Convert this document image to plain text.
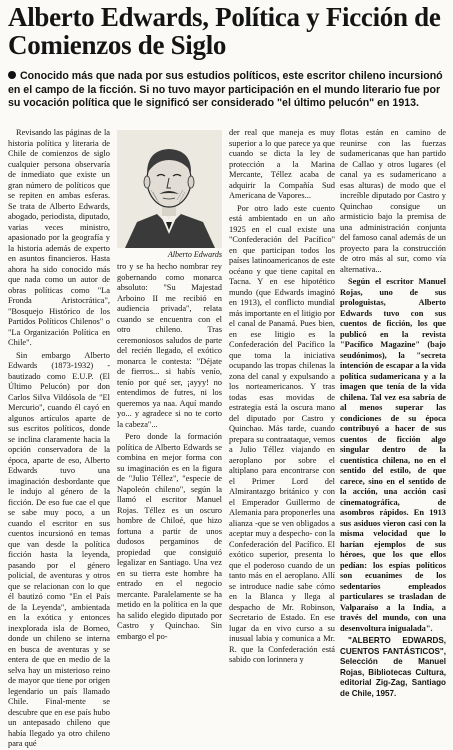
Alberto Edwards, Política y Ficción de Comienzos de Siglo

Conocido más que nada por sus estudios políticos, este escritor chileno incursionó en el campo de la ficción. Si no tuvo mayor participación en el mundo literario fue por su vocación política que le significó ser considerado "el último pelucón" en 1913.

Revisando las páginas de la historia política y literaria de Chile de comienzos de siglo cualquier persona observaría de inmediato que existe un gran número de políticos que se repiten en ambas esferas. Se trata de Alberto Edwards, abogado, periodista, diputado, varias veces ministro, apasionado por la geografía y la historia además de experto en asuntos financieros. Hasta ahora ha sido conocido más que nada como un autor de obras políticas como "La Fronda Aristocrática", "Bosquejo Histórico de los Partidos Políticos Chilenos" o "La Organización Política en Chile".

Sin embargo Alberto Edwards (1873-1932) -bautizado como E.U.P. (El Último Pelucón) por don Carlos Silva Vildósola de "El Mercurio", cuando él cayó en algunos artículos aparte de sus escritos políticos, donde se inclina claramente hacia la opción conservadora de la época, aparte de eso, Alberto Edwards tuvo una imaginación desbordante que le indujo al género de la ficción. De eso fue cae el que se sabe muy poco, a un cuando el escritor en sus cuentos incursionó en temas que van desde la política ficción hasta la leyenda, pasando por el género policial, de aventuras y otros que se relacionan con lo que él bautizó como "En el País de la Leyenda", ambientada en la exótica y entonces inexplorada isla de Borneo, donde un chileno se interna en busca de aventuras y se entera de que en medio de la selva hay un misterioso reino de mayor que tiene por origen legendario un país llamado Chile. Final-mente se descubre que en ese país hubo un antepasado chileno que había llegado ya otro chileno para qué

Alberto Edwards

tro y se ha hecho nombrar rey gobernando como monarca absoluto: "Su Majestad Arboino II me recibió en audiencia privada", relata cuando se encuentra con el otro chileno. Tras ceremoniosos saludos de parte del recién llegado, el exótico monarca le contesta: "Déjate de fierros... si habís venío, tenío por qué ser, ¡ayyy! no entendimos de futres, ni los queremos ya naa. Aquí mando yo... y agradece si no te corto la cabeza"...

Pero donde la formación política de Alberto Edwards se combina en mejor forma con su imaginación es en la figura de "Julio Téllez", "especie de Napoleón chileno", según la llamó el escritor Manuel Rojas. Téllez es un oscuro hombre de Chiloé, que hizo fortuna a partir de unos dudosos pergaminos de propiedad que consiguió legalizar en Santiago. Una vez en su tierra este hombre ha entrado en el negocio mercante. Paralelamente se ha metido en la política en la que ha salido elegido diputado por Castro y Quinchao. Sin embargo el po-

der real que maneja es muy superior a lo que parece ya que cuando se dicta la ley de protección a la Marina Mercante, Téllez acaba de adquirir la Compañía Sud Americana de Vapores...

Por otro lado este cuento está ambientado en un año 1925 en el cual existe una "Confederación del Pacífico" en que participan todos los países latinoamericanos de este océano y que tiene capital en Tacna. Y en ese hipotético mundo (que Edwards imaginó en 1913), el conflicto mundial más importante en el litigio por el canal de Panamá. Pues bien, en ese litigio es la Confederación del Pacífico la que toma la iniciativa ocupando las tropas chilenas la zona del canal y expulsando a los norteamericanos. Y tras todas esas movidas de estrategia está la oscura mano del diputado por Castro y Quinchao. Más tarde, cuando prepara su contraataque, vemos a Julio Téllez viajando en aeroplano por sobre el altiplano para encontrarse con el Primer Lord del Almirantazgo británico y con el Emperador Guillermo de Alemania para proponerles una alianza -que se ven obligados a aceptar muy a despecho- con la Confederación del Pacífico. El exótico superior, presenta lo que el poderoso cuando de un tanto más en el aeroplano. Allí se introduce nadie sabe cómo en la Blanca y llega al despacho de Mr. Robinson, Secretario de Estado. En ese lugar da en vivo curso a su inusual labia y comunica a Mr. R. que la Confederación está sabido con lorinnera y

flotas están en camino de reunirse con las fuerzas sudamericanas que han partido de Callao y otros lugares (el canal ya es sudamericano a esas alturas) de modo que el increíble diputado por Castro y Quinchao consigue un armisticio bajo la premisa de una administración conjunta del famoso canal además de un proyecto para la construcción de otro más al sur, como vía alternativa...

Según el escritor Manuel Rojas, uno de sus prologuistas, Alberto Edwards tuvo con sus cuentos de ficción, los que publicó en la revista "Pacífico Magazine" (bajo seudónimos), la "secreta intención de escapar a la vida política sudamericana y a la imagen que tenía de la vida chilena. Tal vez esa sabría de al menos superar las condiciones de su época contribuyó a hacer de sus cuentos de ficción algo singular dentro de la cuentística chilena, no en el sentido del estilo, de que carece, sino en el sentido de la acción, una acción casi cinematográfica, de asombros rápidos. En 1913 sus asiduos vieron casi con la misma velocidad que lo harían ejemplos de sus héroes, que los que ellos pedían: los espías políticos son ecuanimes de los sedentarios empleados particulares se trasladan de Valparaíso a la India, a través del mundo, con una desenvoltura inigualada".

"ALBERTO EDWARDS, CUENTOS FANTÁSTICOS", Selección de Manuel Rojas, Bibliotecas Cultura, editorial Zig-Zag, Santiago de Chile, 1957.
